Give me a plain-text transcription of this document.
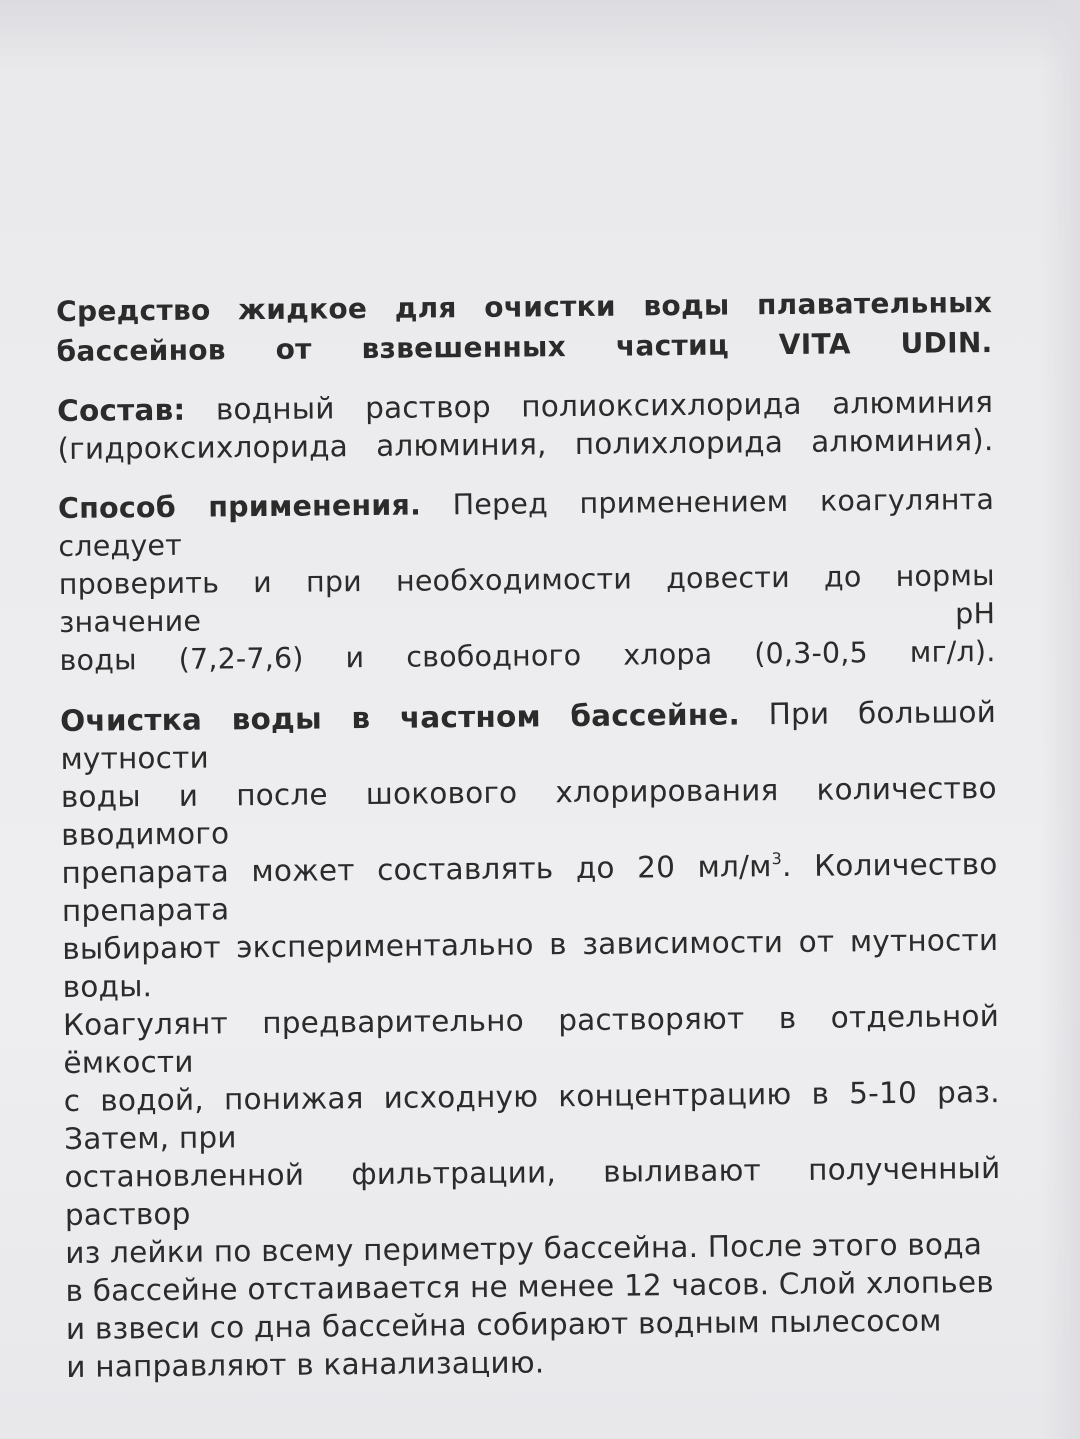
Средство жидкое для очистки воды плавательных
бассейнов от взвешенных частиц VITA UDIN.

Состав: водный раствор полиоксихлорида алюминия
(гидроксихлорида алюминия, полихлорида алюминия).

Способ применения. Перед применением коагулянта следует
проверить и при необходимости довести до нормы значение pH
воды (7,2-7,6) и свободного хлора (0,3-0,5 мг/л).

Очистка воды в частном бассейне. При большой мутности
воды и после шокового хлорирования количество вводимого
препарата может составлять до 20 $мл/м^3$. Количество препарата
выбирают экспериментально в зависимости от мутности воды.
Коагулянт предварительно растворяют в отдельной ёмкости
с водой, понижая исходную концентрацию в 5-10 раз. Затем, при
остановленной фильтрации, выливают полученный раствор
из лейки по всему периметру бассейна. После этого вода
в бассейне отстаивается не менее 12 часов. Слой хлопьев
и взвеси со дна бассейна собирают водным пылесосом
и направляют в канализацию.
